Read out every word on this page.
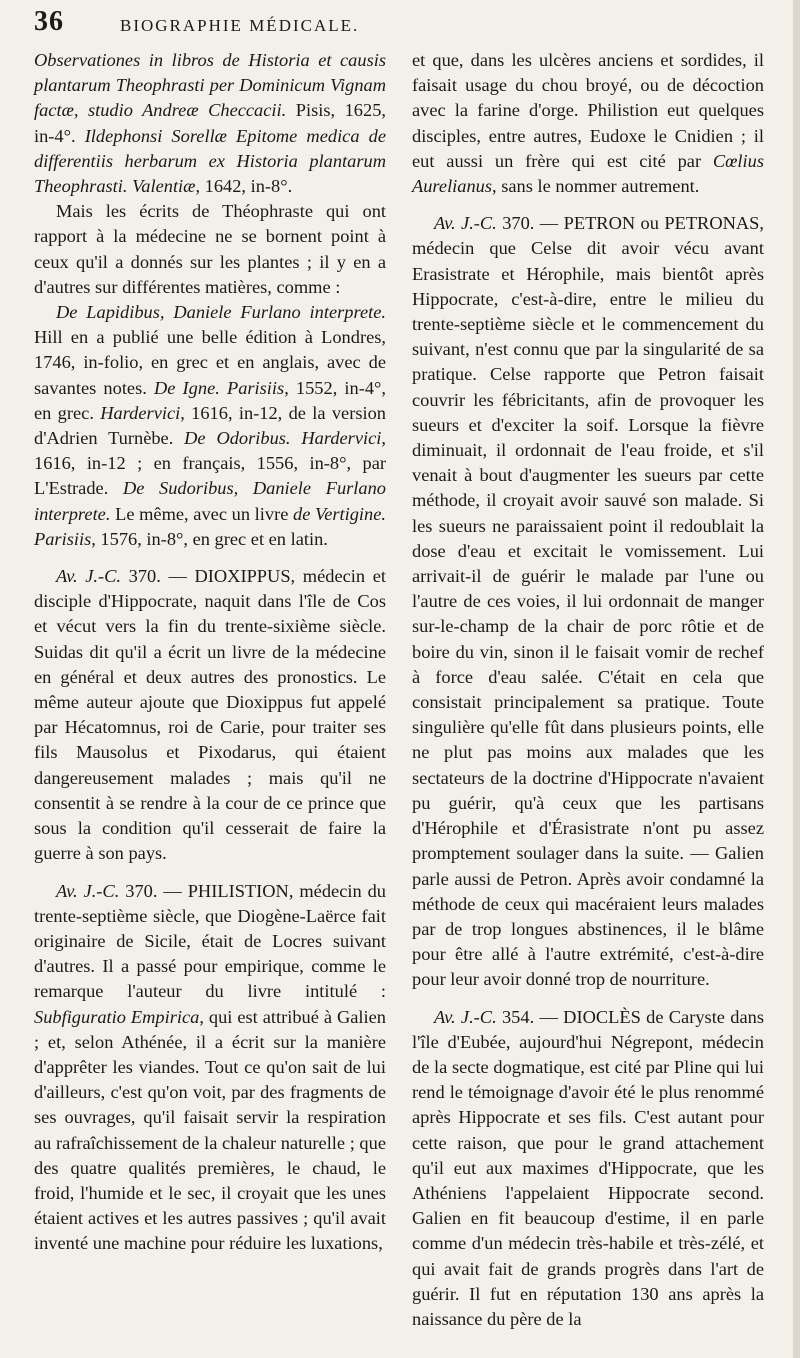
36	BIOGRAPHIE MÉDICALE.

Observationes in libros de Historia et causis plantarum Theophrasti per Dominicum Vignam factæ, studio Andreæ Checcacii. Pisis, 1625, in-4°. Ildephonsi Sorellæ Epitome medica de differentiis herbarum ex Historia plantarum Theophrasti. Valentiæ, 1642, in-8°.

Mais les écrits de Théophraste qui ont rapport à la médecine ne se bornent point à ceux qu'il a donnés sur les plantes ; il y en a d'autres sur différentes matières, comme :

De Lapidibus, Daniele Furlano interprete. Hill en a publié une belle édition à Londres, 1746, in-folio, en grec et en anglais, avec de savantes notes. De Igne. Parisiis, 1552, in-4°, en grec. Hardervici, 1616, in-12, de la version d'Adrien Turnèbe. De Odoribus. Hardervici, 1616, in-12 ; en français, 1556, in-8°, par L'Estrade. De Sudoribus, Daniele Furlano interprete. Le même, avec un livre de Vertigine. Parisiis, 1576, in-8°, en grec et en latin.

Av. J.-C. 370. — DIOXIPPUS, médecin et disciple d'Hippocrate, naquit dans l'île de Cos et vécut vers la fin du trente-sixième siècle. Suidas dit qu'il a écrit un livre de la médecine en général et deux autres des pronostics. Le même auteur ajoute que Dioxippus fut appelé par Hécatomnus, roi de Carie, pour traiter ses fils Mausolus et Pixodarus, qui étaient dangereusement malades ; mais qu'il ne consentit à se rendre à la cour de ce prince que sous la condition qu'il cesserait de faire la guerre à son pays.

Av. J.-C. 370. — PHILISTION, médecin du trente-septième siècle, que Diogène-Laërce fait originaire de Sicile, était de Locres suivant d'autres. Il a passé pour empirique, comme le remarque l'auteur du livre intitulé : Subfiguratio Empirica, qui est attribué à Galien ; et, selon Athénée, il a écrit sur la manière d'apprêter les viandes. Tout ce qu'on sait de lui d'ailleurs, c'est qu'on voit, par des fragments de ses ouvrages, qu'il faisait servir la respiration au rafraîchissement de la chaleur naturelle ; que des quatre qualités premières, le chaud, le froid, l'humide et le sec, il croyait que les unes étaient actives et les autres passives ; qu'il avait inventé une machine pour réduire les luxations,

et que, dans les ulcères anciens et sordides, il faisait usage du chou broyé, ou de décoction avec la farine d'orge. Philistion eut quelques disciples, entre autres, Eudoxe le Cnidien ; il eut aussi un frère qui est cité par Cœlius Aurelianus, sans le nommer autrement.

Av. J.-C. 370. — PETRON ou PETRONAS, médecin que Celse dit avoir vécu avant Erasistrate et Hérophile, mais bientôt après Hippocrate, c'est-à-dire, entre le milieu du trente-septième siècle et le commencement du suivant, n'est connu que par la singularité de sa pratique. Celse rapporte que Petron faisait couvrir les fébricitants, afin de provoquer les sueurs et d'exciter la soif. Lorsque la fièvre diminuait, il ordonnait de l'eau froide, et s'il venait à bout d'augmenter les sueurs par cette méthode, il croyait avoir sauvé son malade. Si les sueurs ne paraissaient point il redoublait la dose d'eau et excitait le vomissement. Lui arrivait-il de guérir le malade par l'une ou l'autre de ces voies, il lui ordonnait de manger sur-le-champ de la chair de porc rôtie et de boire du vin, sinon il le faisait vomir de rechef à force d'eau salée. C'était en cela que consistait principalement sa pratique. Toute singulière qu'elle fût dans plusieurs points, elle ne plut pas moins aux malades que les sectateurs de la doctrine d'Hippocrate n'avaient pu guérir, qu'à ceux que les partisans d'Hérophile et d'Érasistrate n'ont pu assez promptement soulager dans la suite. — Galien parle aussi de Petron. Après avoir condamné la méthode de ceux qui macéraient leurs malades par de trop longues abstinences, il le blâme pour être allé à l'autre extrémité, c'est-à-dire pour leur avoir donné trop de nourriture.

Av. J.-C. 354. — DIOCLÈS de Caryste dans l'île d'Eubée, aujourd'hui Négrepont, médecin de la secte dogmatique, est cité par Pline qui lui rend le témoignage d'avoir été le plus renommé après Hippocrate et ses fils. C'est autant pour cette raison, que pour le grand attachement qu'il eut aux maximes d'Hippocrate, que les Athéniens l'appelaient Hippocrate second. Galien en fit beaucoup d'estime, il en parle comme d'un médecin très-habile et très-zélé, et qui avait fait de grands progrès dans l'art de guérir. Il fut en réputation 130 ans après la naissance du père de la
